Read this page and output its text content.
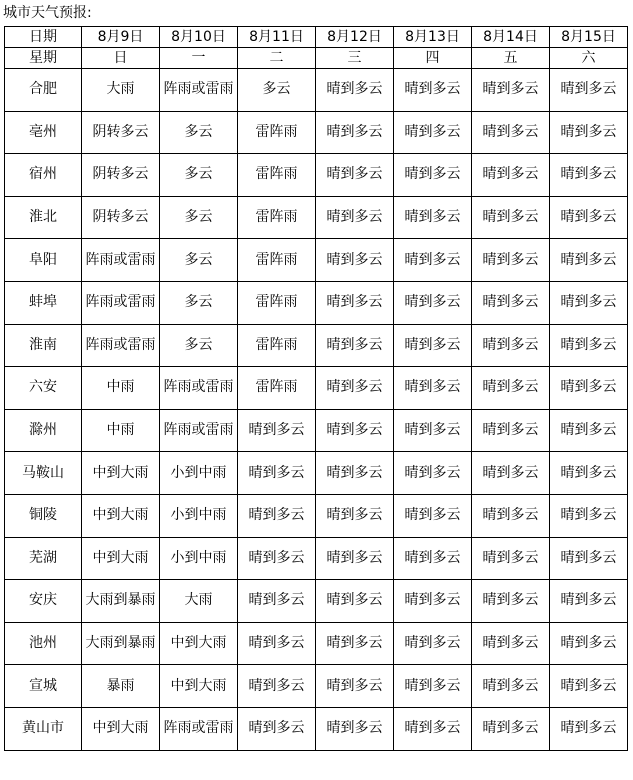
城市天气预报:
日期	8月9日	8月10日	8月11日	8月12日	8月13日	8月14日	8月15日
星期	日	一	二	三	四	五	六
合肥	大雨	阵雨或雷雨	多云	晴到多云	晴到多云	晴到多云	晴到多云
亳州	阴转多云	多云	雷阵雨	晴到多云	晴到多云	晴到多云	晴到多云
宿州	阴转多云	多云	雷阵雨	晴到多云	晴到多云	晴到多云	晴到多云
淮北	阴转多云	多云	雷阵雨	晴到多云	晴到多云	晴到多云	晴到多云
阜阳	阵雨或雷雨	多云	雷阵雨	晴到多云	晴到多云	晴到多云	晴到多云
蚌埠	阵雨或雷雨	多云	雷阵雨	晴到多云	晴到多云	晴到多云	晴到多云
淮南	阵雨或雷雨	多云	雷阵雨	晴到多云	晴到多云	晴到多云	晴到多云
六安	中雨	阵雨或雷雨	雷阵雨	晴到多云	晴到多云	晴到多云	晴到多云
滁州	中雨	阵雨或雷雨	晴到多云	晴到多云	晴到多云	晴到多云	晴到多云
马鞍山	中到大雨	小到中雨	晴到多云	晴到多云	晴到多云	晴到多云	晴到多云
铜陵	中到大雨	小到中雨	晴到多云	晴到多云	晴到多云	晴到多云	晴到多云
芜湖	中到大雨	小到中雨	晴到多云	晴到多云	晴到多云	晴到多云	晴到多云
安庆	大雨到暴雨	大雨	晴到多云	晴到多云	晴到多云	晴到多云	晴到多云
池州	大雨到暴雨	中到大雨	晴到多云	晴到多云	晴到多云	晴到多云	晴到多云
宣城	暴雨	中到大雨	晴到多云	晴到多云	晴到多云	晴到多云	晴到多云
黄山市	中到大雨	阵雨或雷雨	晴到多云	晴到多云	晴到多云	晴到多云	晴到多云
